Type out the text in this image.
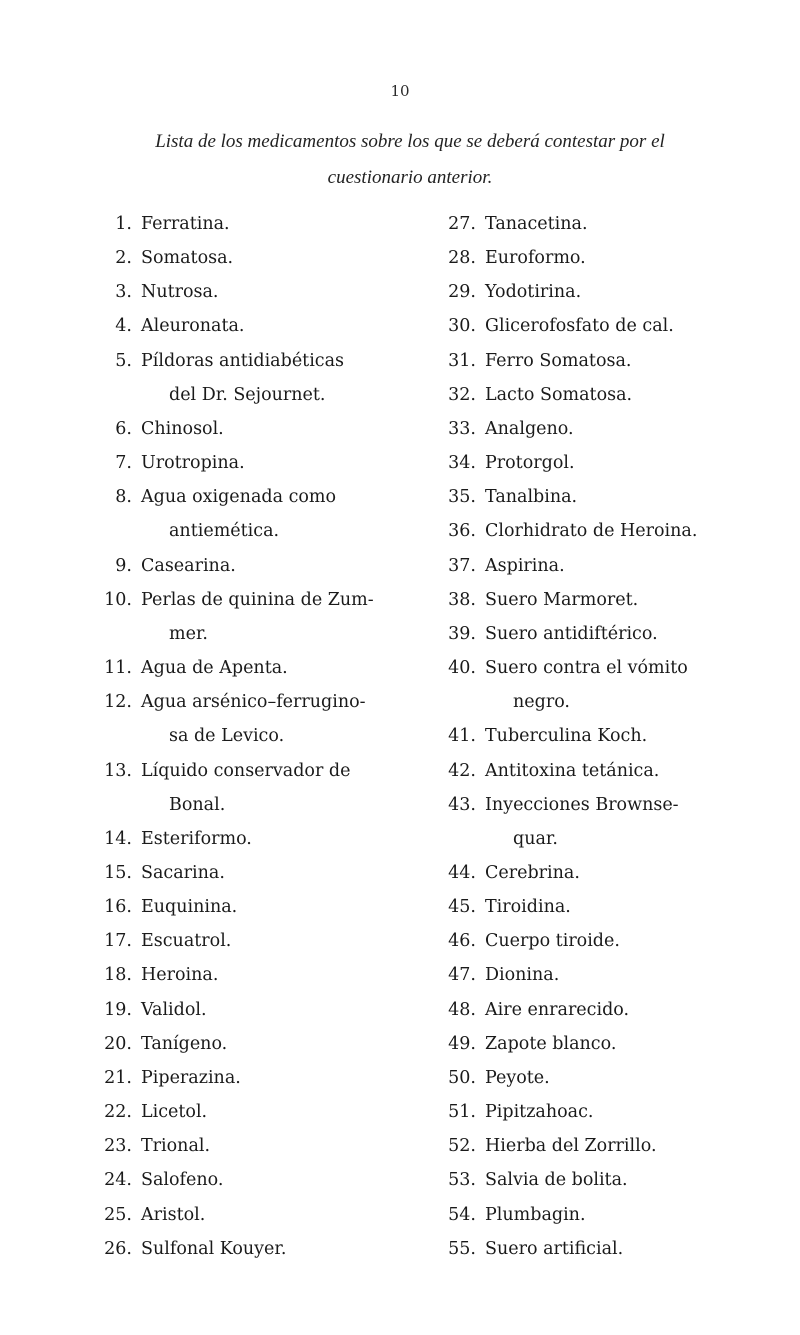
10
Lista de los medicamentos sobre los que se deberá contestar por el
cuestionario anterior.
1. Ferratina.
2. Somatosa.
3. Nutrosa.
4. Aleuronata.
5. Píldoras antidiabéticas
del Dr. Sejournet.
6. Chinosol.
7. Urotropina.
8. Agua oxigenada como
antiemética.
9. Casearina.
10. Perlas de quinina de Zum-
mer.
11. Agua de Apenta.
12. Agua arsénico–ferrugino-
sa de Levico.
13. Líquido conservador de
Bonal.
14. Esteriformo.
15. Sacarina.
16. Euquinina.
17. Escuatrol.
18. Heroina.
19. Validol.
20. Tanígeno.
21. Piperazina.
22. Licetol.
23. Trional.
24. Salofeno.
25. Aristol.
26. Sulfonal Kouyer.
27. Tanacetina.
28. Euroformo.
29. Yodotirina.
30. Glicerofosfato de cal.
31. Ferro Somatosa.
32. Lacto Somatosa.
33. Analgeno.
34. Protorgol.
35. Tanalbina.
36. Clorhidrato de Heroina.
37. Aspirina.
38. Suero Marmoret.
39. Suero antidiftérico.
40. Suero contra el vómito
negro.
41. Tuberculina Koch.
42. Antitoxina tetánica.
43. Inyecciones Brownse-
quar.
44. Cerebrina.
45. Tiroidina.
46. Cuerpo tiroide.
47. Dionina.
48. Aire enrarecido.
49. Zapote blanco.
50. Peyote.
51. Pipitzahoac.
52. Hierba del Zorrillo.
53. Salvia de bolita.
54. Plumbagin.
55. Suero artificial.
